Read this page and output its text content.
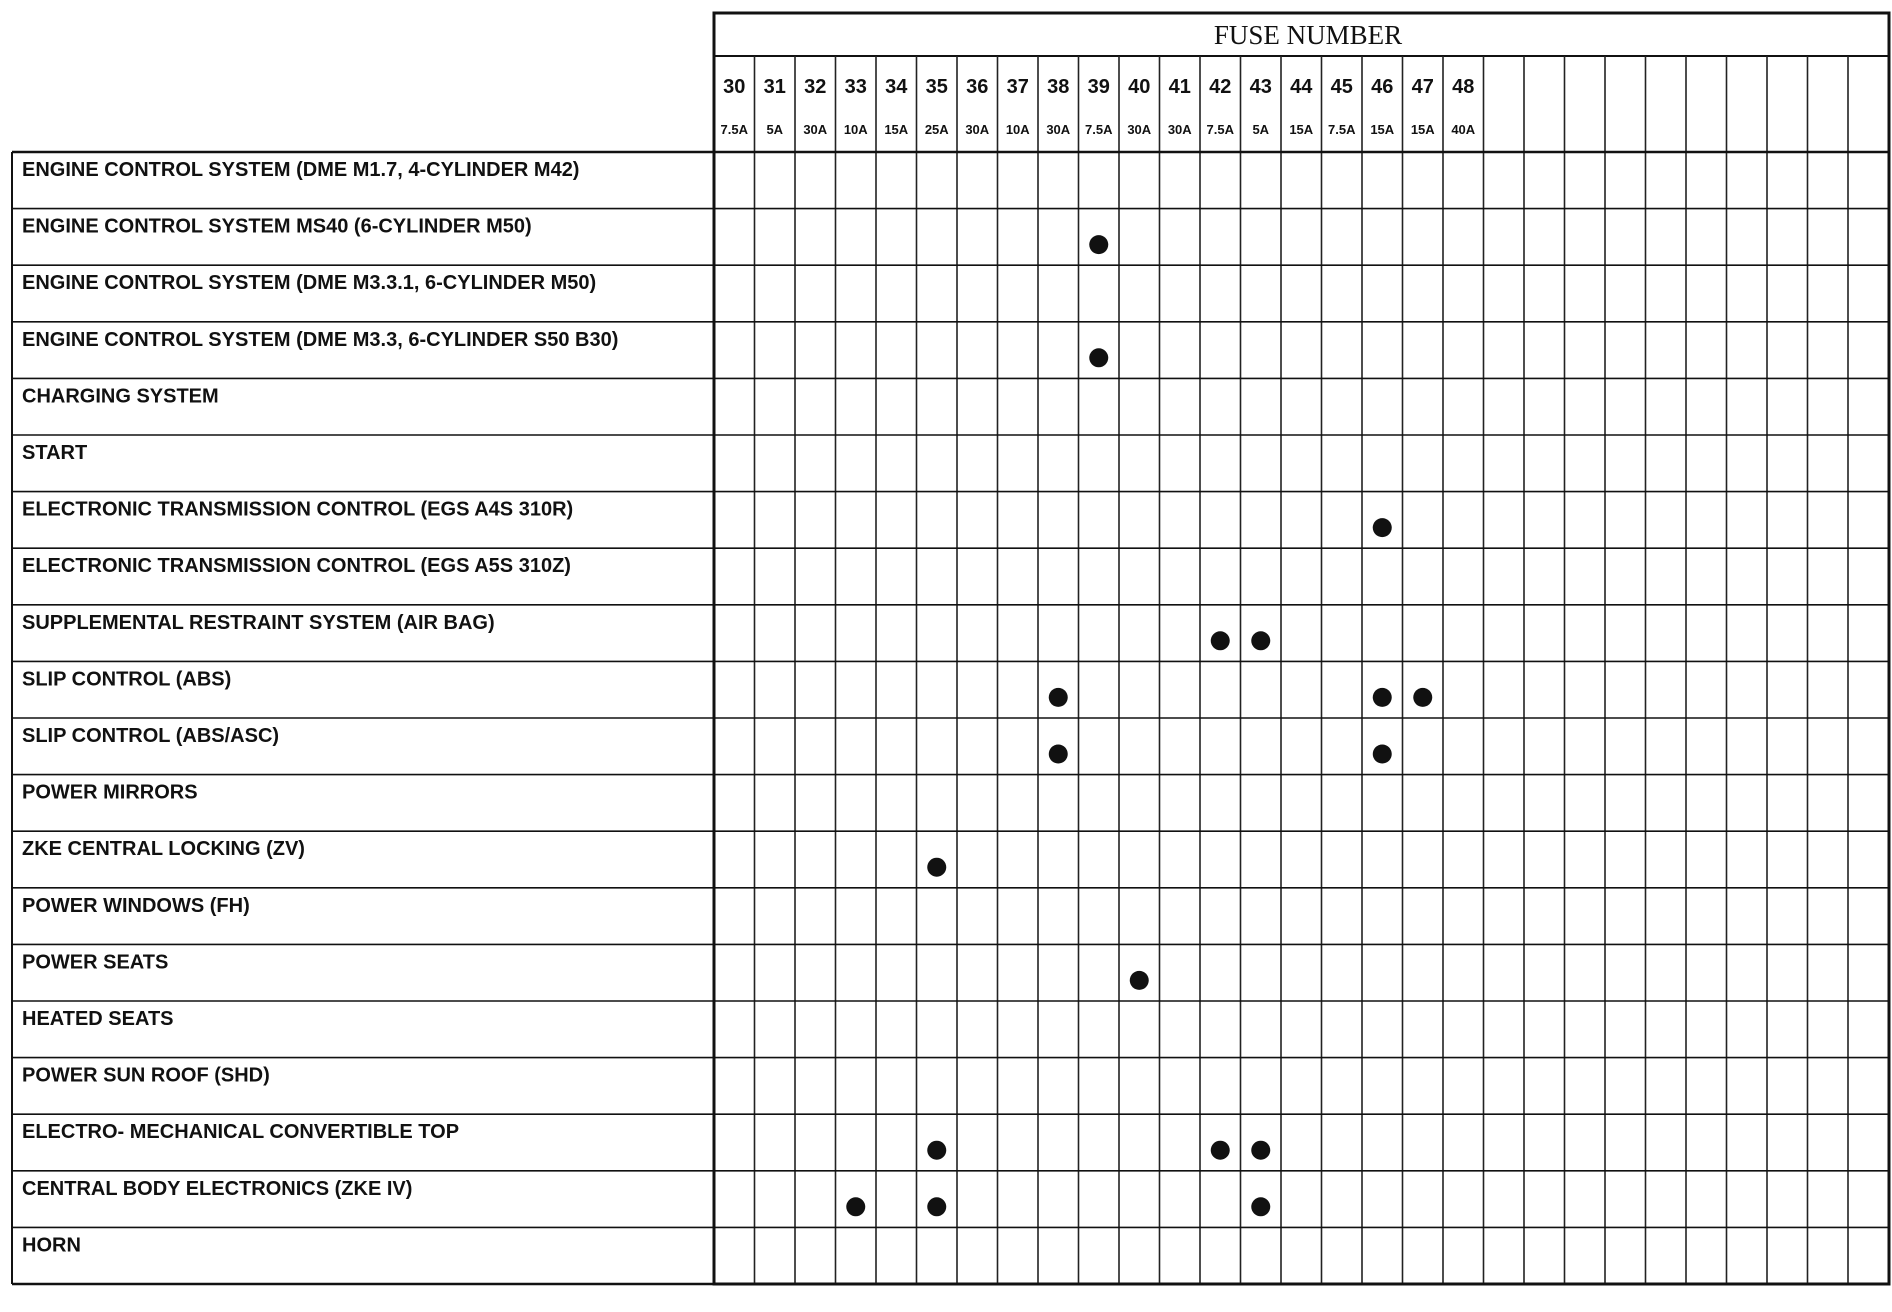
FUSE NUMBER
30
7.5A
31
5A
32
30A
33
10A
34
15A
35
25A
36
30A
37
10A
38
30A
39
7.5A
40
30A
41
30A
42
7.5A
43
5A
44
15A
45
7.5A
46
15A
47
15A
48
40A
ENGINE CONTROL SYSTEM (DME M1.7, 4-CYLINDER M42)
ENGINE CONTROL SYSTEM MS40 (6-CYLINDER M50)
ENGINE CONTROL SYSTEM (DME M3.3.1, 6-CYLINDER M50)
ENGINE CONTROL SYSTEM (DME M3.3, 6-CYLINDER S50 B30)
CHARGING SYSTEM
START
ELECTRONIC TRANSMISSION CONTROL (EGS A4S 310R)
ELECTRONIC TRANSMISSION CONTROL (EGS A5S 310Z)
SUPPLEMENTAL RESTRAINT SYSTEM (AIR BAG)
SLIP CONTROL (ABS)
SLIP CONTROL (ABS/ASC)
POWER MIRRORS
ZKE CENTRAL LOCKING (ZV)
POWER WINDOWS (FH)
POWER SEATS
HEATED SEATS
POWER SUN ROOF (SHD)
ELECTRO- MECHANICAL CONVERTIBLE TOP
CENTRAL BODY ELECTRONICS (ZKE IV)
HORN
